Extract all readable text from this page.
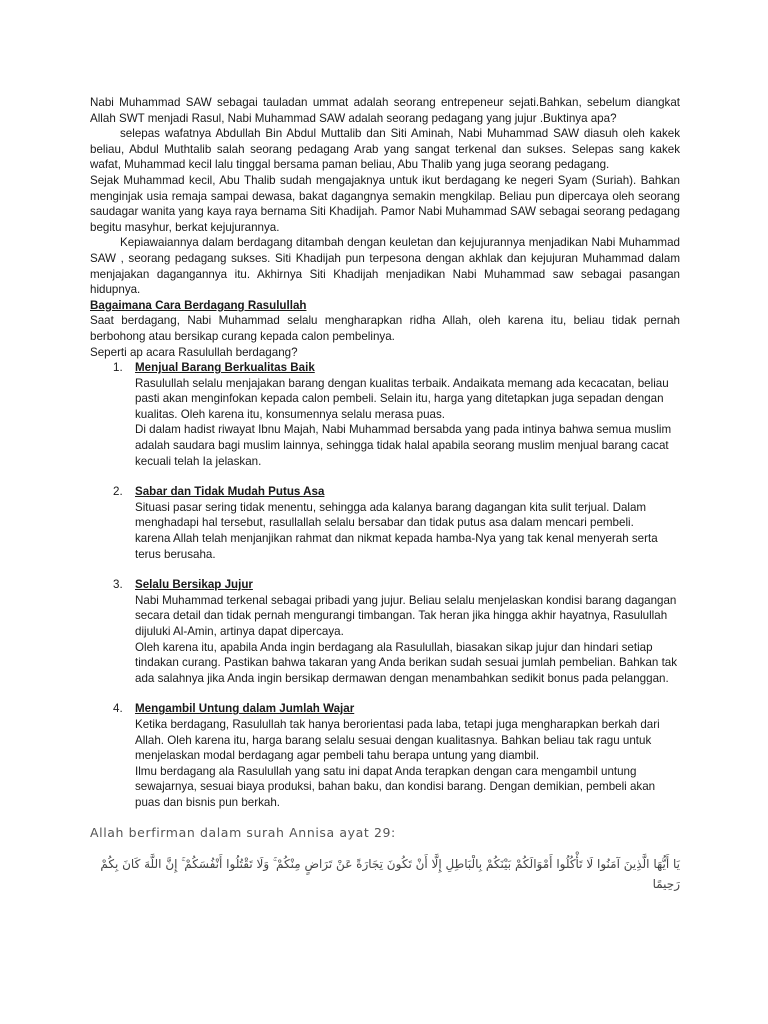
Nabi Muhammad SAW sebagai tauladan ummat adalah seorang entrepeneur sejati.Bahkan, sebelum diangkat Allah SWT menjadi Rasul, Nabi Muhammad SAW adalah seorang pedagang yang jujur .Buktinya apa?

selepas wafatnya Abdullah Bin Abdul Muttalib dan Siti Aminah, Nabi Muhammad SAW diasuh oleh kakek beliau, Abdul Muthtalib salah seorang pedagang Arab yang sangat terkenal dan sukses. Selepas sang kakek wafat, Muhammad kecil lalu tinggal bersama paman beliau, Abu Thalib yang juga seorang pedagang.

Sejak Muhammad kecil, Abu Thalib sudah mengajaknya untuk ikut berdagang ke negeri Syam (Suriah). Bahkan menginjak usia remaja sampai dewasa, bakat dagangnya semakin mengkilap. Beliau pun dipercaya oleh seorang saudagar wanita yang kaya raya bernama Siti Khadijah. Pamor Nabi Muhammad SAW sebagai seorang pedagang begitu masyhur, berkat kejujurannya.

Kepiawaiannya dalam berdagang ditambah dengan keuletan dan kejujurannya menjadikan Nabi Muhammad SAW , seorang pedagang sukses. Siti Khadijah pun terpesona dengan akhlak dan kejujuran Muhammad dalam menjajakan dagangannya itu. Akhirnya Siti Khadijah menjadikan Nabi Muhammad saw sebagai pasangan hidupnya.

Bagaimana Cara Berdagang Rasulullah

Saat berdagang, Nabi Muhammad selalu mengharapkan ridha Allah, oleh karena itu, beliau tidak pernah berbohong atau bersikap curang kepada calon pembelinya.

Seperti ap acara Rasulullah berdagang?

1. Menjual Barang Berkualitas Baik

Rasulullah selalu menjajakan barang dengan kualitas terbaik. Andaikata memang ada kecacatan, beliau pasti akan menginfokan kepada calon pembeli. Selain itu, harga yang ditetapkan juga sepadan dengan kualitas. Oleh karena itu, konsumennya selalu merasa puas.

Di dalam hadist riwayat Ibnu Majah, Nabi Muhammad bersabda yang pada intinya bahwa semua muslim adalah saudara bagi muslim lainnya, sehingga tidak halal apabila seorang muslim menjual barang cacat kecuali telah Ia jelaskan.

2. Sabar dan Tidak Mudah Putus Asa

Situasi pasar sering tidak menentu, sehingga ada kalanya barang dagangan kita sulit terjual. Dalam menghadapi hal tersebut, rasullallah selalu bersabar dan tidak putus asa dalam mencari pembeli.

karena Allah telah menjanjikan rahmat dan nikmat kepada hamba-Nya yang tak kenal menyerah serta terus berusaha.

3. Selalu Bersikap Jujur

Nabi Muhammad terkenal sebagai pribadi yang jujur. Beliau selalu menjelaskan kondisi barang dagangan secara detail dan tidak pernah mengurangi timbangan. Tak heran jika hingga akhir hayatnya, Rasulullah dijuluki Al-Amin, artinya dapat dipercaya.

Oleh karena itu, apabila Anda ingin berdagang ala Rasulullah, biasakan sikap jujur dan hindari setiap tindakan curang. Pastikan bahwa takaran yang Anda berikan sudah sesuai jumlah pembelian. Bahkan tak ada salahnya jika Anda ingin bersikap dermawan dengan menambahkan sedikit bonus pada pelanggan.

4. Mengambil Untung dalam Jumlah Wajar

Ketika berdagang, Rasulullah tak hanya berorientasi pada laba, tetapi juga mengharapkan berkah dari Allah. Oleh karena itu, harga barang selalu sesuai dengan kualitasnya. Bahkan beliau tak ragu untuk menjelaskan modal berdagang agar pembeli tahu berapa untung yang diambil.

Ilmu berdagang ala Rasulullah yang satu ini dapat Anda terapkan dengan cara mengambil untung sewajarnya, sesuai biaya produksi, bahan baku, dan kondisi barang. Dengan demikian, pembeli akan puas dan bisnis pun berkah.

Allah berfirman dalam surah Annisa ayat 29:

يَا أَيُّهَا الَّذِينَ آمَنُوا لَا تَأْكُلُوا أَمْوَالَكُمْ بَيْنَكُمْ بِالْبَاطِلِ إِلَّا أَنْ تَكُونَ تِجَارَةً عَنْ تَرَاضٍ مِنْكُمْ ۚ وَلَا تَقْتُلُوا أَنْفُسَكُمْ ۚ إِنَّ اللَّهَ كَانَ بِكُمْ رَحِيمًا
